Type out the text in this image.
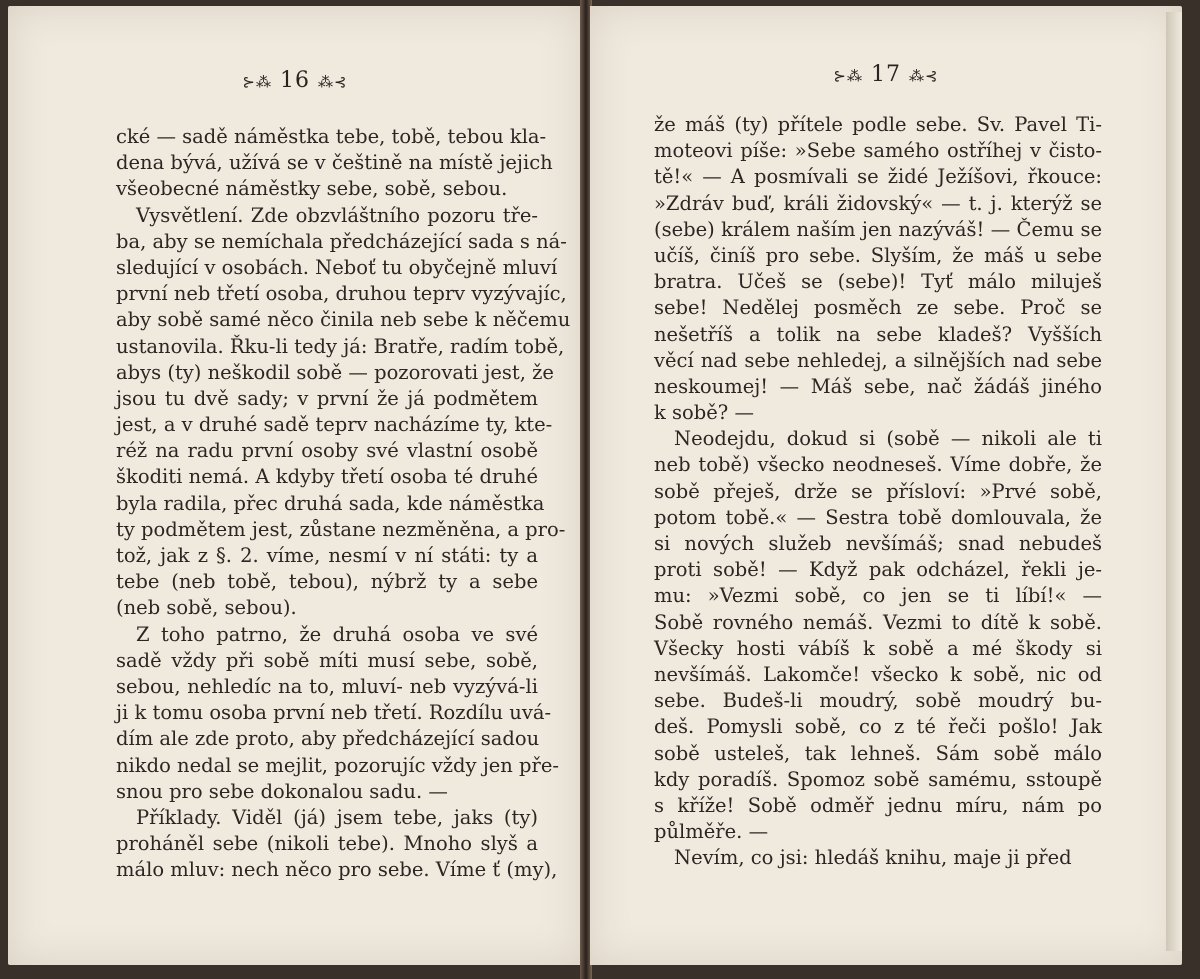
⊱⁂ 16 ⁂⊰
cké — sadě náměstka tebe, tobě, tebou kla-
dena bývá, užívá se v češtině na místě jejich
všeobecné náměstky sebe, sobě, sebou.
Vysvětlení. Zde obzvláštního pozoru tře-
ba, aby se nemíchala předcházející sada s ná-
sledující v osobách. Neboť tu obyčejně mluví
první neb třetí osoba, druhou teprv vyzývajíc,
aby sobě samé něco činila neb sebe k něčemu
ustanovila. Řku-li tedy já: Bratře, radím tobě,
abys (ty) neškodil sobě — pozorovati jest, že
jsou tu dvě sady; v první že já podmětem
jest, a v druhé sadě teprv nacházíme ty, kte-
réž na radu první osoby své vlastní osobě
škoditi nemá. A kdyby třetí osoba té druhé
byla radila, přec druhá sada, kde náměstka
ty podmětem jest, zůstane nezměněna, a pro-
tož, jak z §. 2. víme, nesmí v ní státi: ty a
tebe (neb tobě, tebou), nýbrž ty a sebe
(neb sobě, sebou).
Z toho patrno, že druhá osoba ve své
sadě vždy při sobě míti musí sebe, sobě,
sebou, nehledíc na to, mluví- neb vyzývá-li
ji k tomu osoba první neb třetí. Rozdílu uvá-
dím ale zde proto, aby předcházející sadou
nikdo nedal se mejlit, pozorujíc vždy jen pře-
snou pro sebe dokonalou sadu. —
Příklady. Viděl (já) jsem tebe, jaks (ty)
proháněl sebe (nikoli tebe). Mnoho slyš a
málo mluv: nech něco pro sebe. Víme ť (my),
⊱⁂ 17 ⁂⊰
že máš (ty) přítele podle sebe. Sv. Pavel Ti-
moteovi píše: »Sebe samého ostříhej v čisto-
tě!« — A posmívali se židé Ježíšovi, řkouce:
»Zdráv buď, králi židovský« — t. j. kterýž se
(sebe) králem naším jen nazýváš! — Čemu se
učíš, činíš pro sebe. Slyším, že máš u sebe
bratra. Učeš se (sebe)! Tyť málo miluješ
sebe! Nedělej posměch ze sebe. Proč se
nešetříš a tolik na sebe kladeš? Vyšších
věcí nad sebe nehledej, a silnějších nad sebe
neskoumej! — Máš sebe, nač žádáš jiného
k sobě? —
Neodejdu, dokud si (sobě — nikoli ale ti
neb tobě) všecko neodneseš. Víme dobře, že
sobě přeješ, drže se přísloví: »Prvé sobě,
potom tobě.« — Sestra tobě domlouvala, že
si nových služeb nevšímáš; snad nebudeš
proti sobě! — Když pak odcházel, řekli je-
mu: »Vezmi sobě, co jen se ti líbí!« —
Sobě rovného nemáš. Vezmi to dítě k sobě.
Všecky hosti vábíš k sobě a mé škody si
nevšímáš. Lakomče! všecko k sobě, nic od
sebe. Budeš-li moudrý, sobě moudrý bu-
deš. Pomysli sobě, co z té řeči pošlo! Jak
sobě usteleš, tak lehneš. Sám sobě málo
kdy poradíš. Spomoz sobě samému, sstoupě
s kříže! Sobě odměř jednu míru, nám po
půlměře. —
Nevím, co jsi: hledáš knihu, maje ji před
